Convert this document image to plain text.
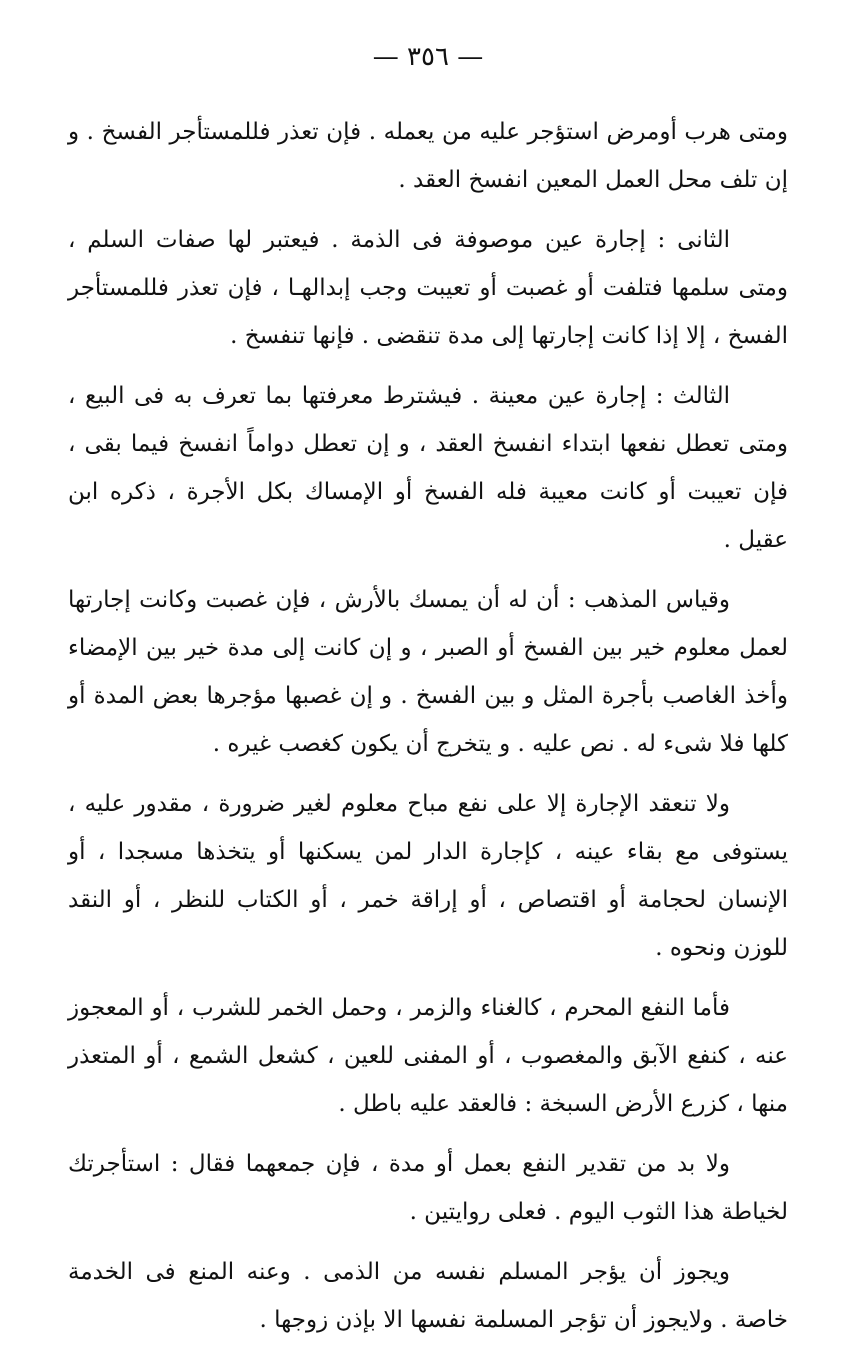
— ٣٥٦ —

ومتى هرب أومرض استؤجر عليه من يعمله . فإن تعذر فللمستأجر الفسخ . و إن تلف محل العمل المعين انفسخ العقد .

الثانى : إجارة عين موصوفة فى الذمة . فيعتبر لها صفات السلم ، ومتى سلمها فتلفت أو غصبت أو تعيبت وجب إبدالهـا ، فإن تعذر فللمستأجر الفسخ ، إلا إذا كانت إجارتها إلى مدة تنقضى . فإنها تنفسخ .

الثالث : إجارة عين معينة . فيشترط معرفتها بما تعرف به فى البيع ، ومتى تعطل نفعها ابتداء انفسخ العقد ، و إن تعطل دواماً انفسخ فيما بقى ، فإن تعيبت أو كانت معيبة فله الفسخ أو الإمساك بكل الأجرة ، ذكره ابن عقيل .

وقياس المذهب : أن له أن يمسك بالأرش ، فإن غصبت وكانت إجارتها لعمل معلوم خير بين الفسخ أو الصبر ، و إن كانت إلى مدة خير بين الإمضاء وأخذ الغاصب بأجرة المثل و بين الفسخ . و إن غصبها مؤجرها بعض المدة أو كلها فلا شىء له . نص عليه . و يتخرج أن يكون كغصب غيره .

ولا تنعقد الإجارة إلا على نفع مباح معلوم لغير ضرورة ، مقدور عليه ، يستوفى مع بقاء عينه ، كإجارة الدار لمن يسكنها أو يتخذها مسجدا ، أو الإنسان لحجامة أو اقتصاص ، أو إراقة خمر ، أو الكتاب للنظر ، أو النقد للوزن ونحوه .

فأما النفع المحرم ، كالغناء والزمر ، وحمل الخمر للشرب ، أو المعجوز عنه ، كنفع الآبق والمغصوب ، أو المفنى للعين ، كشعل الشمع ، أو المتعذر منها ، كزرع الأرض السبخة : فالعقد عليه باطل .

ولا بد من تقدير النفع بعمل أو مدة ، فإن جمعهما فقال : استأجرتك لخياطة هذا الثوب اليوم . فعلى روايتين .

ويجوز أن يؤجر المسلم نفسه من الذمى . وعنه المنع فى الخدمة خاصة . ولايجوز أن تؤجر المسلمة نفسها الا بإذن زوجها .
